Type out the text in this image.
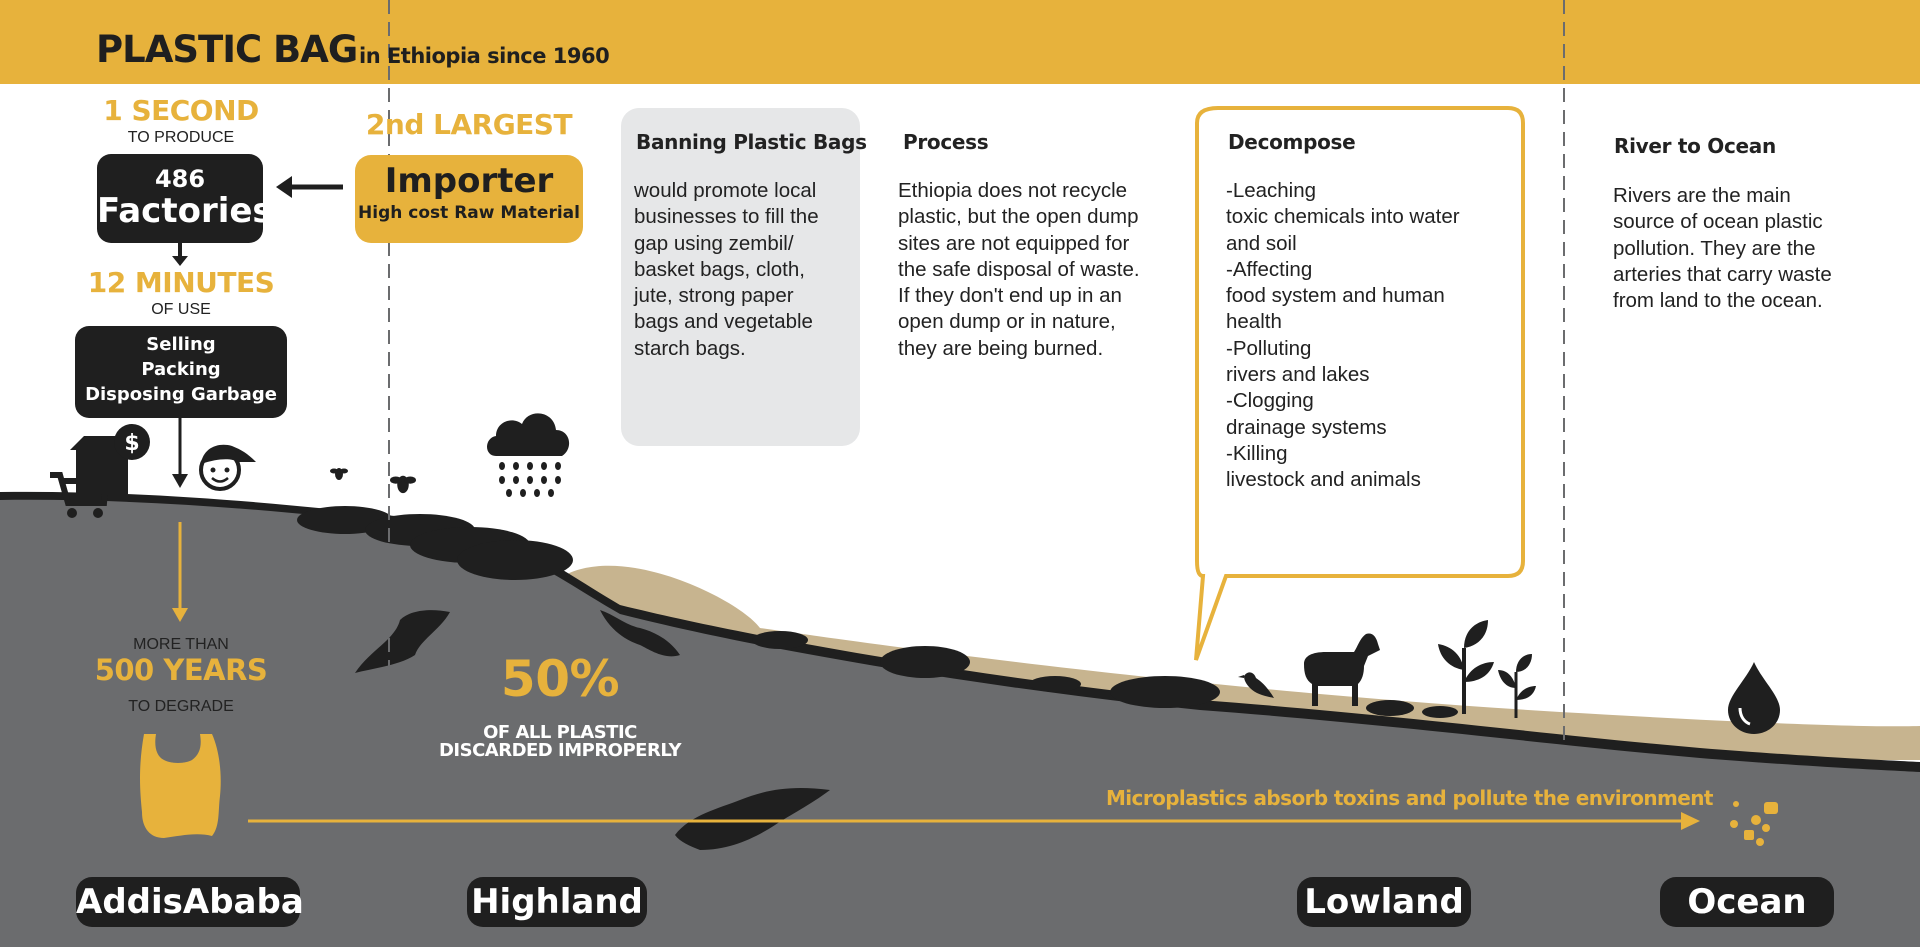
PLASTIC BAG in Ethiopia since 1960
1 SECOND
TO PRODUCE
486
Factories
12 MINUTES
OF USE
Selling
Packing
Disposing Garbage
2nd LARGEST
Importer
High cost Raw Material
Banning Plastic Bags
would promote local
businesses to fill the
gap using zembil/
basket bags, cloth,
jute, strong paper
bags and vegetable
starch bags.
Process
Ethiopia does not recycle
plastic, but the open dump
sites are not equipped for
the safe disposal of waste.
If they don't end up in an
open dump or in nature,
they are being burned.
Decompose
-Leaching
toxic chemicals into water
and soil
-Affecting
food system and human
health
-Polluting
rivers and lakes
-Clogging
drainage systems
-Killing
livestock and animals
River to Ocean
Rivers are the main
source of ocean plastic
pollution. They are the
arteries that carry waste
from land to the ocean.
$
MORE THAN
500 YEARS
TO DEGRADE	50%
OF ALL PLASTIC
DISCARDED IMPROPERLY
Microplastics absorb toxins and pollute the environment
AddisAbaba	Highland	Lowland	Ocean
